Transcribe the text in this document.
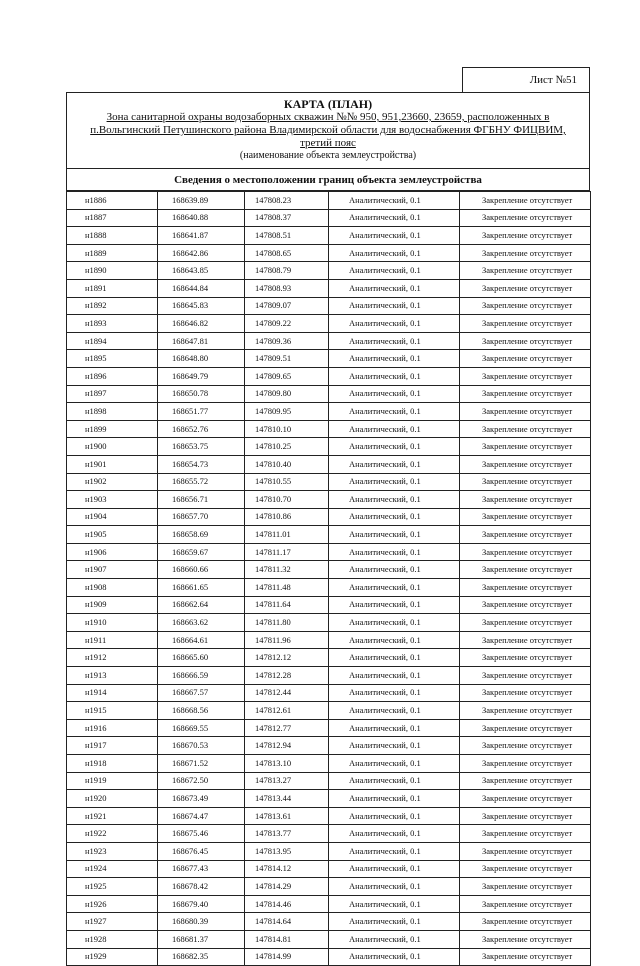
Лист №51
КАРТА (ПЛАН)
Зона санитарной охраны водозаборных скважин №№ 950, 951,23660, 23659, расположенных в
п.Вольгинский Петушинского района Владимирской области для водоснабжения ФГБНУ ФИЦВИМ,
третий пояс
(наименование объекта землеустройства)
Сведения о местоположении границ объекта землеустройства
н1886	168639.89	147808.23	Аналитический, 0.1	Закрепление отсутствует
н1887	168640.88	147808.37	Аналитический, 0.1	Закрепление отсутствует
н1888	168641.87	147808.51	Аналитический, 0.1	Закрепление отсутствует
н1889	168642.86	147808.65	Аналитический, 0.1	Закрепление отсутствует
н1890	168643.85	147808.79	Аналитический, 0.1	Закрепление отсутствует
н1891	168644.84	147808.93	Аналитический, 0.1	Закрепление отсутствует
н1892	168645.83	147809.07	Аналитический, 0.1	Закрепление отсутствует
н1893	168646.82	147809.22	Аналитический, 0.1	Закрепление отсутствует
н1894	168647.81	147809.36	Аналитический, 0.1	Закрепление отсутствует
н1895	168648.80	147809.51	Аналитический, 0.1	Закрепление отсутствует
н1896	168649.79	147809.65	Аналитический, 0.1	Закрепление отсутствует
н1897	168650.78	147809.80	Аналитический, 0.1	Закрепление отсутствует
н1898	168651.77	147809.95	Аналитический, 0.1	Закрепление отсутствует
н1899	168652.76	147810.10	Аналитический, 0.1	Закрепление отсутствует
н1900	168653.75	147810.25	Аналитический, 0.1	Закрепление отсутствует
н1901	168654.73	147810.40	Аналитический, 0.1	Закрепление отсутствует
н1902	168655.72	147810.55	Аналитический, 0.1	Закрепление отсутствует
н1903	168656.71	147810.70	Аналитический, 0.1	Закрепление отсутствует
н1904	168657.70	147810.86	Аналитический, 0.1	Закрепление отсутствует
н1905	168658.69	147811.01	Аналитический, 0.1	Закрепление отсутствует
н1906	168659.67	147811.17	Аналитический, 0.1	Закрепление отсутствует
н1907	168660.66	147811.32	Аналитический, 0.1	Закрепление отсутствует
н1908	168661.65	147811.48	Аналитический, 0.1	Закрепление отсутствует
н1909	168662.64	147811.64	Аналитический, 0.1	Закрепление отсутствует
н1910	168663.62	147811.80	Аналитический, 0.1	Закрепление отсутствует
н1911	168664.61	147811.96	Аналитический, 0.1	Закрепление отсутствует
н1912	168665.60	147812.12	Аналитический, 0.1	Закрепление отсутствует
н1913	168666.59	147812.28	Аналитический, 0.1	Закрепление отсутствует
н1914	168667.57	147812.44	Аналитический, 0.1	Закрепление отсутствует
н1915	168668.56	147812.61	Аналитический, 0.1	Закрепление отсутствует
н1916	168669.55	147812.77	Аналитический, 0.1	Закрепление отсутствует
н1917	168670.53	147812.94	Аналитический, 0.1	Закрепление отсутствует
н1918	168671.52	147813.10	Аналитический, 0.1	Закрепление отсутствует
н1919	168672.50	147813.27	Аналитический, 0.1	Закрепление отсутствует
н1920	168673.49	147813.44	Аналитический, 0.1	Закрепление отсутствует
н1921	168674.47	147813.61	Аналитический, 0.1	Закрепление отсутствует
н1922	168675.46	147813.77	Аналитический, 0.1	Закрепление отсутствует
н1923	168676.45	147813.95	Аналитический, 0.1	Закрепление отсутствует
н1924	168677.43	147814.12	Аналитический, 0.1	Закрепление отсутствует
н1925	168678.42	147814.29	Аналитический, 0.1	Закрепление отсутствует
н1926	168679.40	147814.46	Аналитический, 0.1	Закрепление отсутствует
н1927	168680.39	147814.64	Аналитический, 0.1	Закрепление отсутствует
н1928	168681.37	147814.81	Аналитический, 0.1	Закрепление отсутствует
н1929	168682.35	147814.99	Аналитический, 0.1	Закрепление отсутствует
